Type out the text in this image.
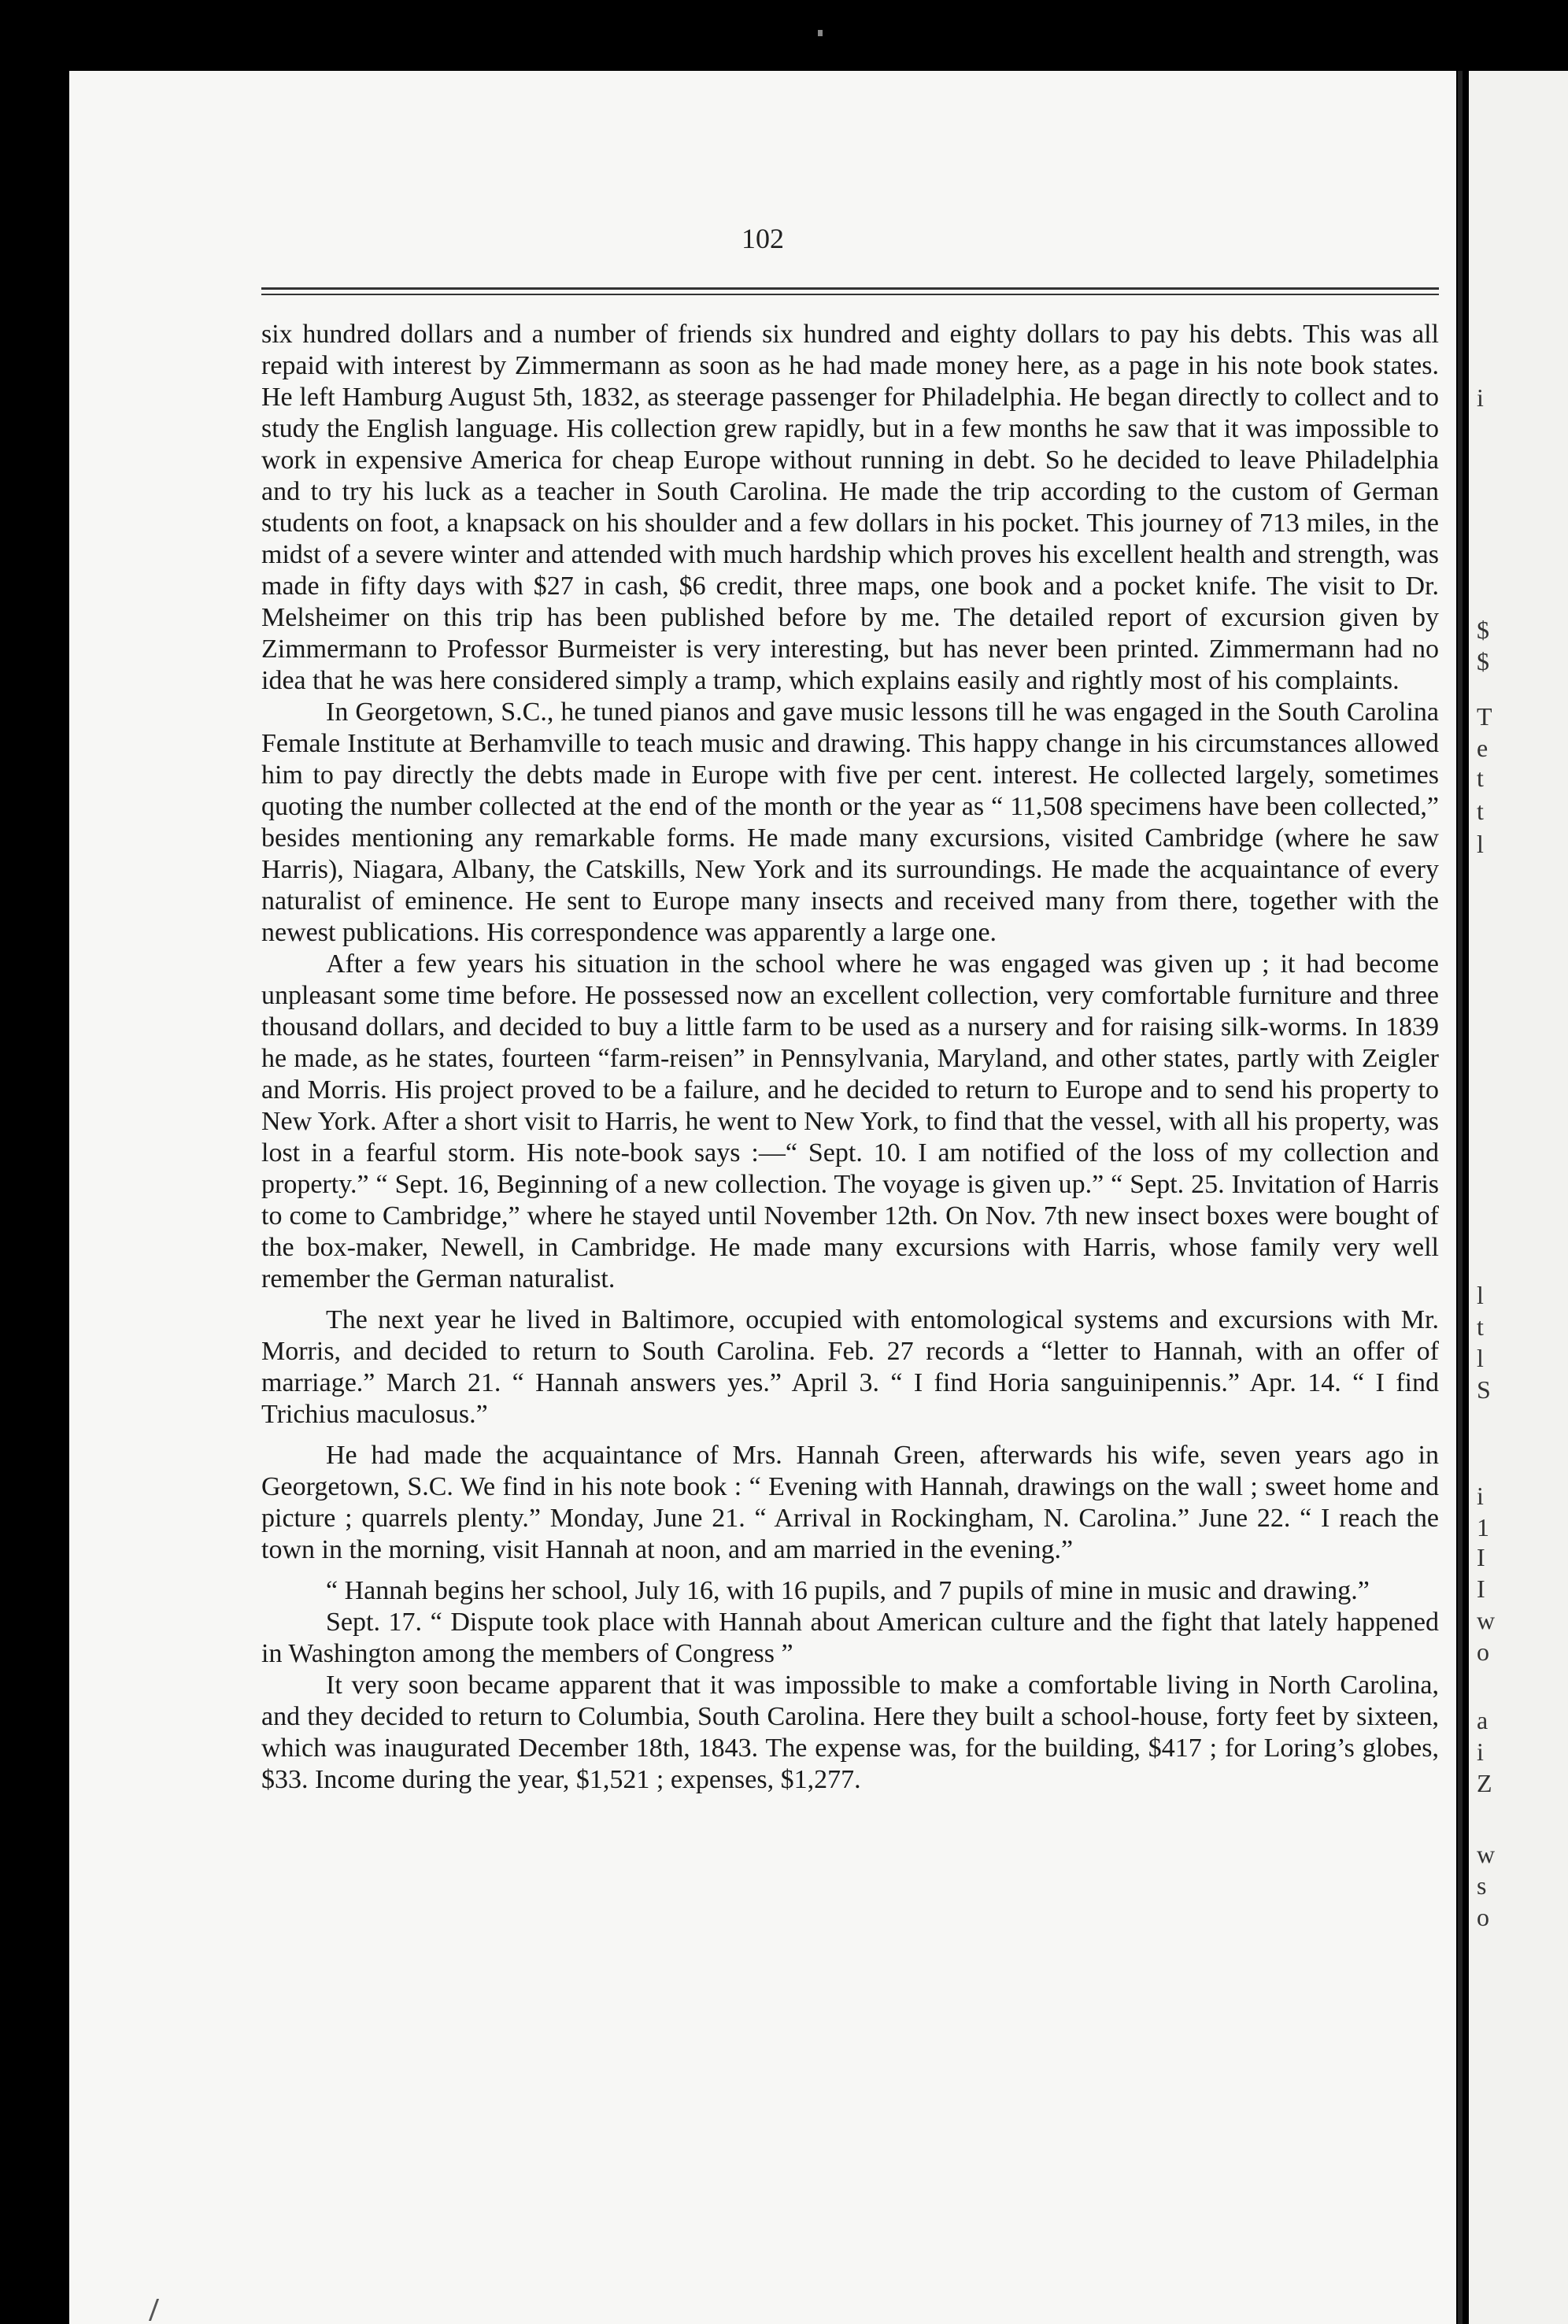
102

six hundred dollars and a number of friends six hundred and eighty dollars to pay his debts. This was all repaid with interest by Zimmermann as soon as he had made money here, as a page in his note book states. He left Hamburg August 5th, 1832, as steerage passenger for Philadelphia. He began directly to collect and to study the English language. His collection grew rapidly, but in a few months he saw that it was impossible to work in expensive America for cheap Europe without running in debt. So he decided to leave Philadelphia and to try his luck as a teacher in South Carolina. He made the trip according to the custom of German students on foot, a knapsack on his shoulder and a few dollars in his pocket. This journey of 713 miles, in the midst of a severe winter and attended with much hardship which proves his excellent health and strength, was made in fifty days with $27 in cash, $6 credit, three maps, one book and a pocket knife. The visit to Dr. Melsheimer on this trip has been published before by me. The detailed report of excursion given by Zimmermann to Professor Burmeister is very interesting, but has never been printed. Zimmermann had no idea that he was here considered simply a tramp, which explains easily and rightly most of his complaints.

In Georgetown, S.C., he tuned pianos and gave music lessons till he was engaged in the South Carolina Female Institute at Berhamville to teach music and drawing. This happy change in his circumstances allowed him to pay directly the debts made in Europe with five per cent. interest. He collected largely, sometimes quoting the number collected at the end of the month or the year as “ 11,508 specimens have been collected,” besides mentioning any remarkable forms. He made many excursions, visited Cambridge (where he saw Harris), Niagara, Albany, the Catskills, New York and its surroundings. He made the acquaintance of every naturalist of eminence. He sent to Europe many insects and received many from there, together with the newest publications. His correspondence was apparently a large one.

After a few years his situation in the school where he was engaged was given up ; it had become unpleasant some time before. He possessed now an excellent collection, very comfortable furniture and three thousand dollars, and decided to buy a little farm to be used as a nursery and for raising silk-worms. In 1839 he made, as he states, fourteen “farm-reisen” in Pennsylvania, Maryland, and other states, partly with Zeigler and Morris. His project proved to be a failure, and he decided to return to Europe and to send his property to New York. After a short visit to Harris, he went to New York, to find that the vessel, with all his property, was lost in a fearful storm. His note-book says :—“ Sept. 10. I am notified of the loss of my collection and property.” “ Sept. 16, Beginning of a new collection. The voyage is given up.” “ Sept. 25. Invitation of Harris to come to Cambridge,” where he stayed until November 12th. On Nov. 7th new insect boxes were bought of the box-maker, Newell, in Cambridge. He made many excursions with Harris, whose family very well remember the German naturalist.

The next year he lived in Baltimore, occupied with entomological systems and excursions with Mr. Morris, and decided to return to South Carolina. Feb. 27 records a “letter to Hannah, with an offer of marriage.” March 21. “ Hannah answers yes.” April 3. “ I find Horia sanguinipennis.” Apr. 14. “ I find Trichius maculosus.”

He had made the acquaintance of Mrs. Hannah Green, afterwards his wife, seven years ago in Georgetown, S.C. We find in his note book : “ Evening with Hannah, drawings on the wall ; sweet home and picture ; quarrels plenty.” Monday, June 21. “ Arrival in Rockingham, N. Carolina.” June 22. “ I reach the town in the morning, visit Hannah at noon, and am married in the evening.”

“ Hannah begins her school, July 16, with 16 pupils, and 7 pupils of mine in music and drawing.”

Sept. 17. “ Dispute took place with Hannah about American culture and the fight that lately happened in Washington among the members of Congress ”

It very soon became apparent that it was impossible to make a comfortable living in North Carolina, and they decided to return to Columbia, South Carolina. Here they built a school-house, forty feet by sixteen, which was inaugurated December 18th, 1843. The expense was, for the building, $417 ; for Loring’s globes, $33. Income during the year, $1,521 ; expenses, $1,277.

i
$
$
T
e
t
t
l
l
t
l
S
i
1
I
I
w
o
a
i
Z
w
s
o
